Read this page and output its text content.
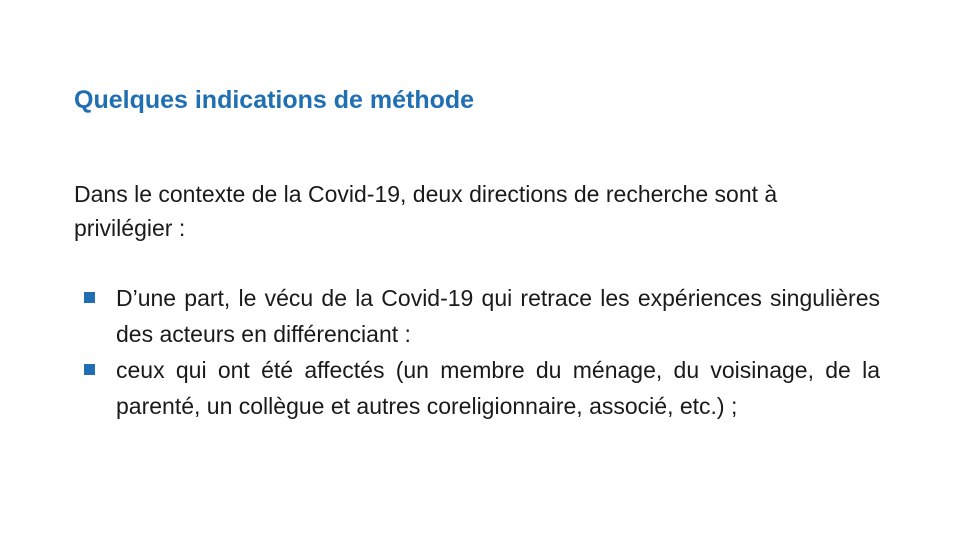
Quelques indications de méthode

Dans le contexte de la Covid-19, deux directions de recherche sont à privilégier :

D’une part, le vécu de la Covid-19 qui retrace les expériences singulières des acteurs en différenciant :
ceux qui ont été affectés (un membre du ménage, du voisinage, de la parenté, un collègue et autres coreligionnaire, associé, etc.) ;
